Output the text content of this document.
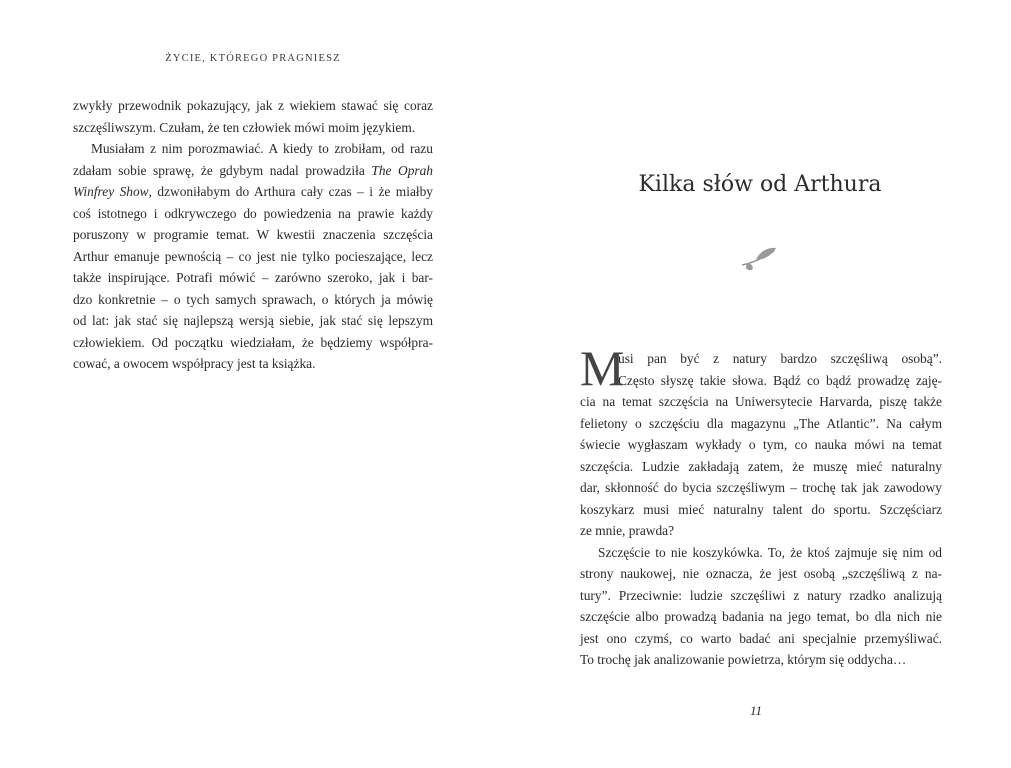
ŻYCIE, KTÓREGO PRAGNIESZ
zwykły przewodnik pokazujący, jak z wiekiem stawać się coraz
szczęśliwszym. Czułam, że ten człowiek mówi moim językiem.
Musiałam z nim porozmawiać. A kiedy to zrobiłam, od razu
zdałam sobie sprawę, że gdybym nadal prowadziła The Oprah
Winfrey Show, dzwoniłabym do Arthura cały czas – i że miałby
coś istotnego i odkrywczego do powiedzenia na prawie każdy
poruszony w programie temat. W kwestii znaczenia szczęścia
Arthur emanuje pewnością – co jest nie tylko pocieszające, lecz
także inspirujące. Potrafi mówić – zarówno szeroko, jak i bar-
dzo konkretnie – o tych samych sprawach, o których ja mówię
od lat: jak stać się najlepszą wersją siebie, jak stać się lepszym
człowiekiem. Od początku wiedziałam, że będziemy współpra-
cować, a owocem współpracy jest ta książka.
Kilka słów od Arthura
M
usi pan być z natury bardzo szczęśliwą osobą”.
Często słyszę takie słowa. Bądź co bądź prowadzę zaję-
cia na temat szczęścia na Uniwersytecie Harvarda, piszę także
felietony o szczęściu dla magazynu „The Atlantic”. Na całym
świecie wygłaszam wykłady o tym, co nauka mówi na temat
szczęścia. Ludzie zakładają zatem, że muszę mieć naturalny
dar, skłonność do bycia szczęśliwym – trochę tak jak zawodowy
koszykarz musi mieć naturalny talent do sportu. Szczęściarz
ze mnie, prawda?
Szczęście to nie koszykówka. To, że ktoś zajmuje się nim od
strony naukowej, nie oznacza, że jest osobą „szczęśliwą z na-
tury”. Przeciwnie: ludzie szczęśliwi z natury rzadko analizują
szczęście albo prowadzą badania na jego temat, bo dla nich nie
jest ono czymś, co warto badać ani specjalnie przemyśliwać.
To trochę jak analizowanie powietrza, którym się oddycha…
11
